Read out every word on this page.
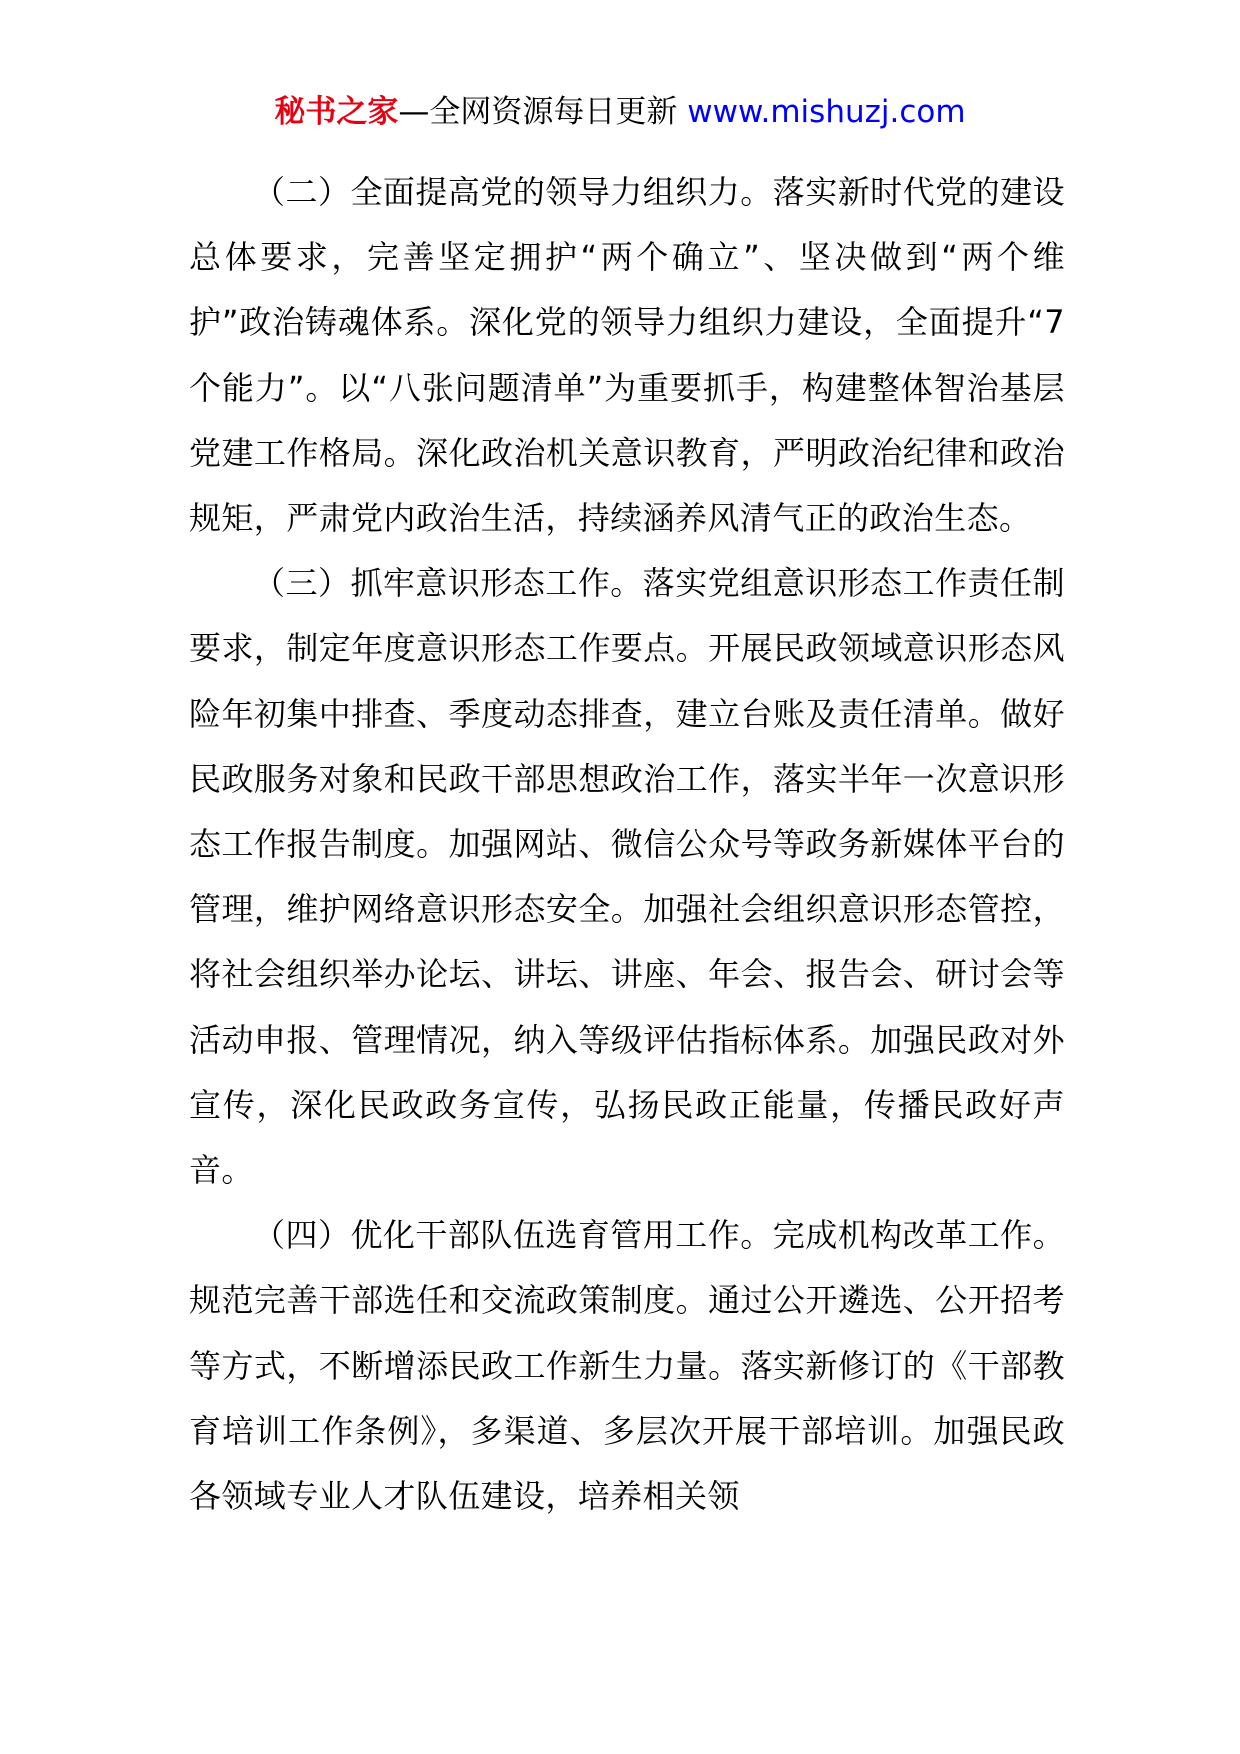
秘书之家—全网资源每日更新 www.mishuzj.com

（二）全面提高党的领导力组织力。落实新时代党的建设总体要求，完善坚定拥护“两个确立”、坚决做到“两个维护”政治铸魂体系。深化党的领导力组织力建设，全面提升“7个能力”。以“八张问题清单”为重要抓手，构建整体智治基层党建工作格局。深化政治机关意识教育，严明政治纪律和政治规矩，严肃党内政治生活，持续涵养风清气正的政治生态。

（三）抓牢意识形态工作。落实党组意识形态工作责任制要求，制定年度意识形态工作要点。开展民政领域意识形态风险年初集中排查、季度动态排查，建立台账及责任清单。做好民政服务对象和民政干部思想政治工作，落实半年一次意识形态工作报告制度。加强网站、微信公众号等政务新媒体平台的管理，维护网络意识形态安全。加强社会组织意识形态管控，将社会组织举办论坛、讲坛、讲座、年会、报告会、研讨会等活动申报、管理情况，纳入等级评估指标体系。加强民政对外宣传，深化民政政务宣传，弘扬民政正能量，传播民政好声音。

（四）优化干部队伍选育管用工作。完成机构改革工作。规范完善干部选任和交流政策制度。通过公开遴选、公开招考等方式，不断增添民政工作新生力量。落实新修订的《干部教育培训工作条例》，多渠道、多层次开展干部培训。加强民政各领域专业人才队伍建设，培养相关领
